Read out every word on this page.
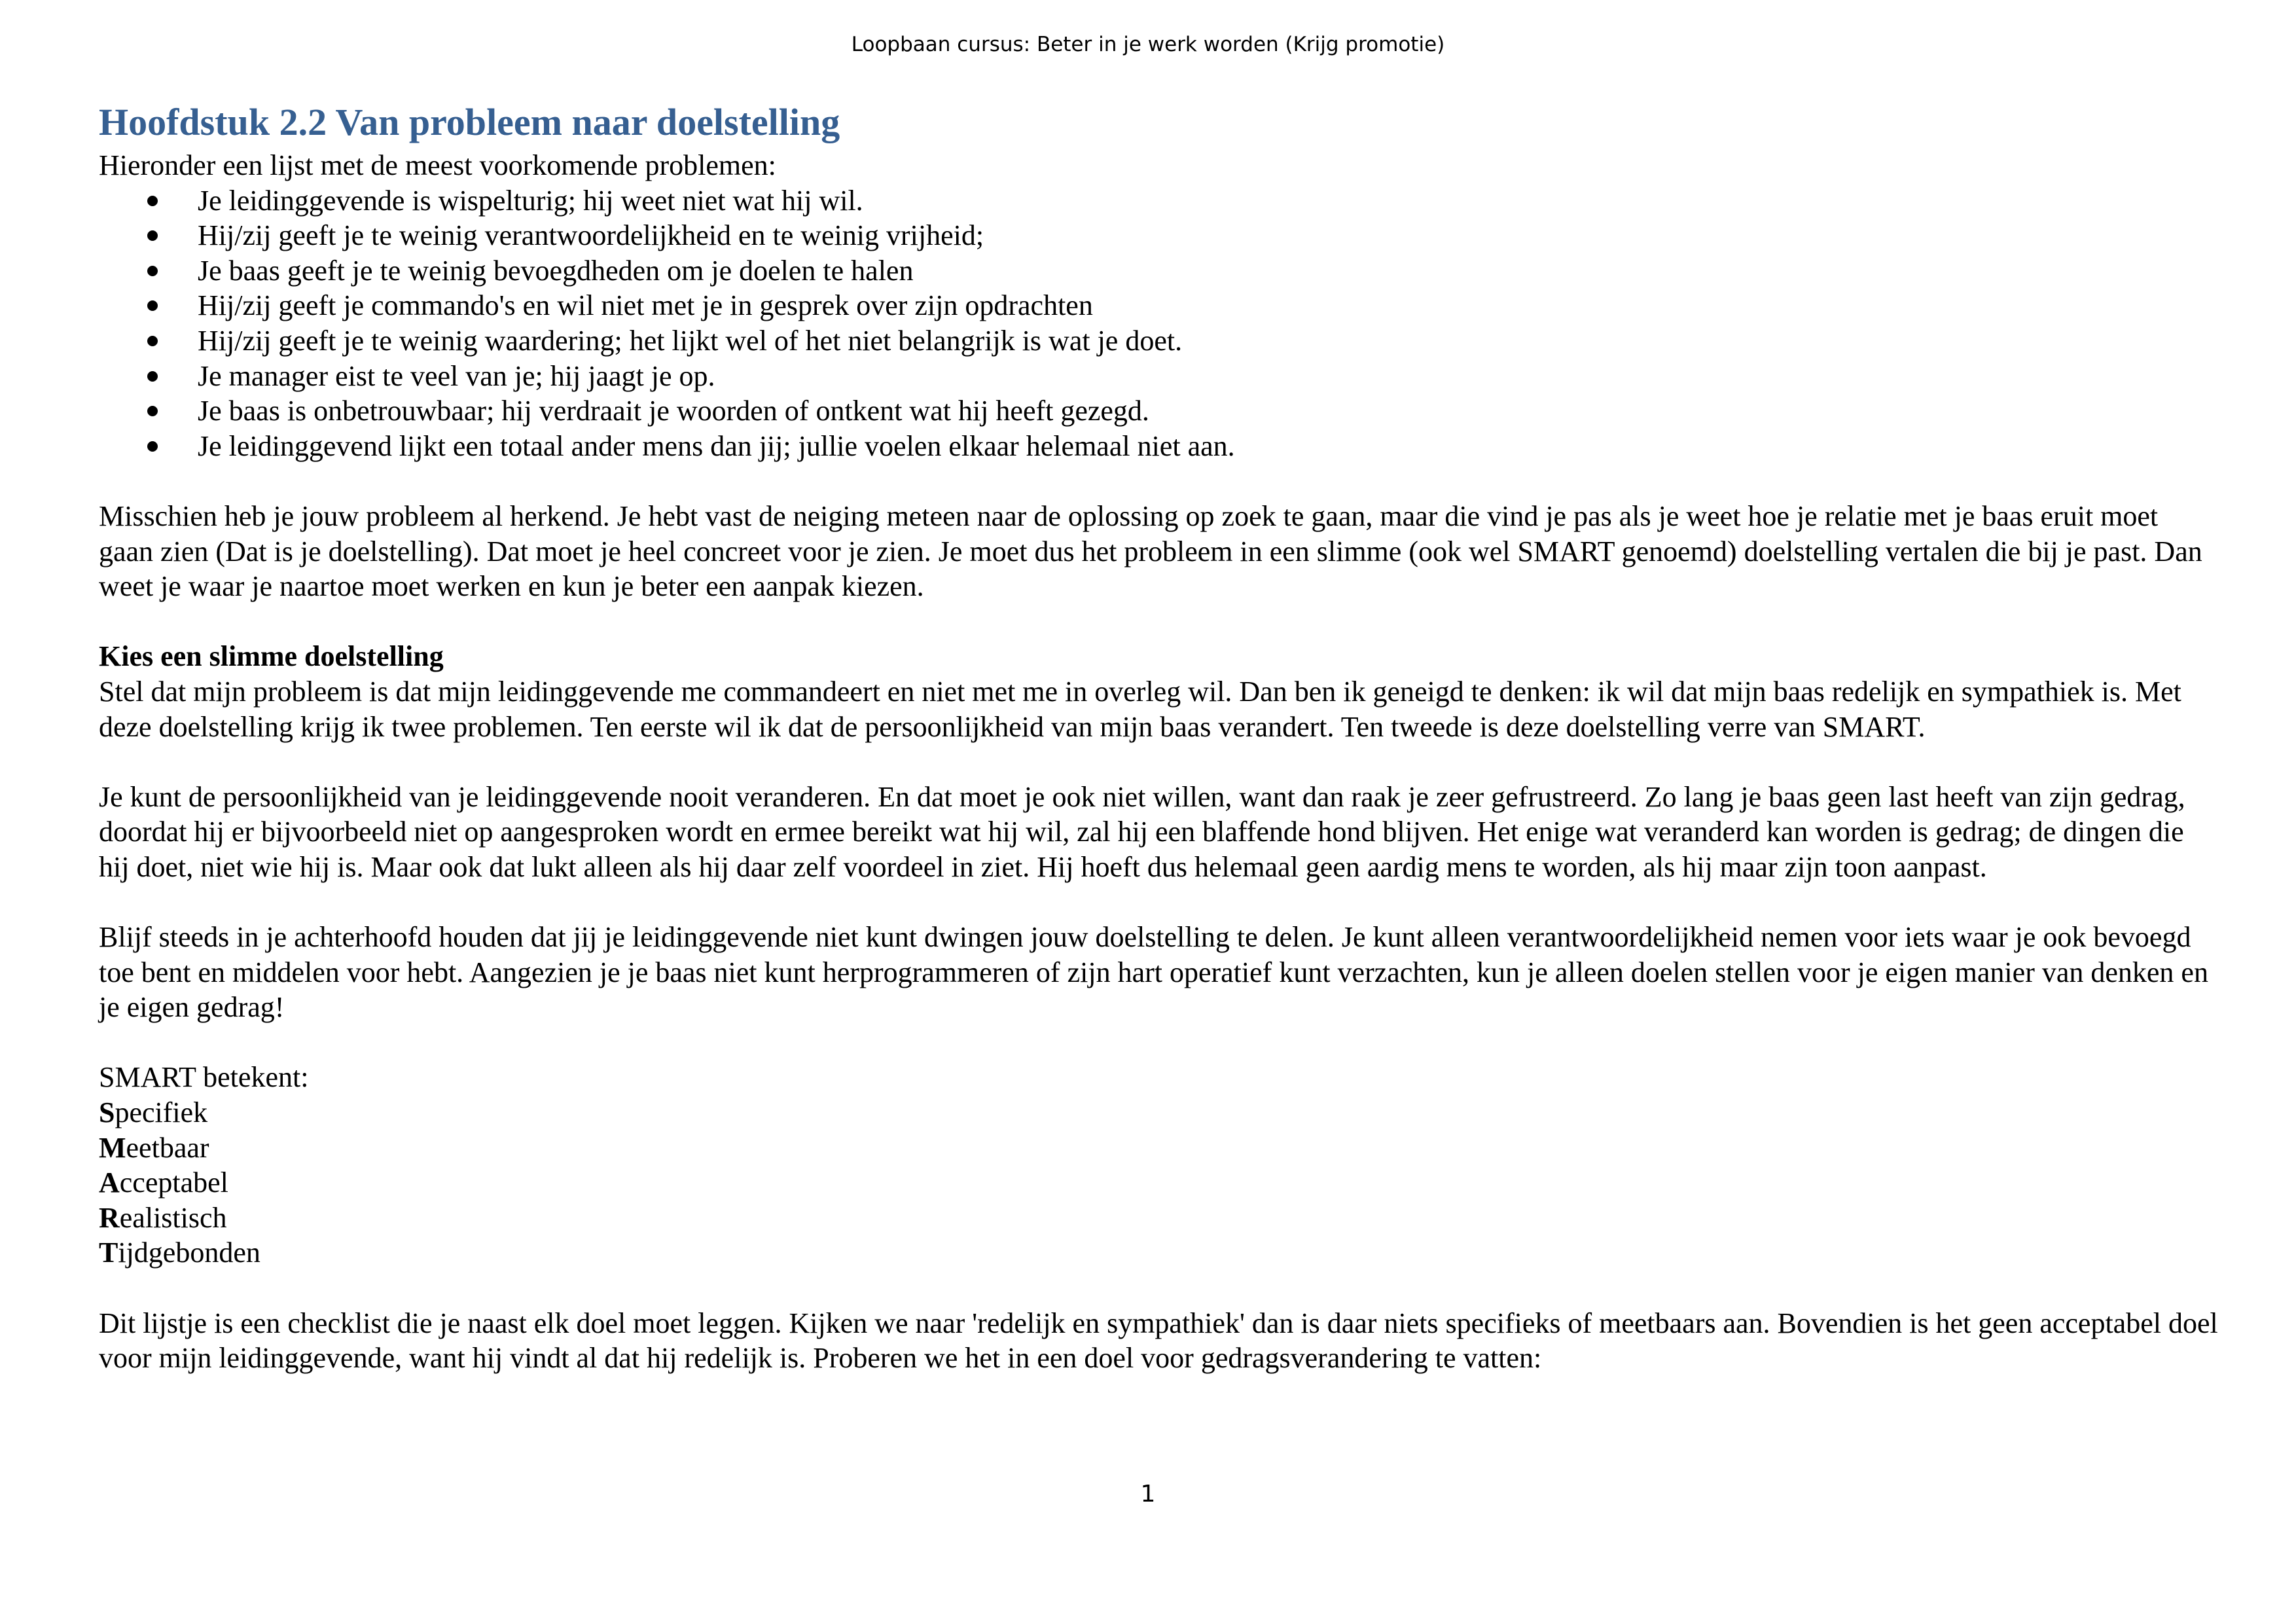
Loopbaan cursus: Beter in je werk worden (Krijg promotie)
Hoofdstuk 2.2 Van probleem naar doelstelling

Hieronder een lijst met de meest voorkomende problemen:

Je leidinggevende is wispelturig; hij weet niet wat hij wil.
Hij/zij geeft je te weinig verantwoordelijkheid en te weinig vrijheid;
Je baas geeft je te weinig bevoegdheden om je doelen te halen
Hij/zij geeft je commando's en wil niet met je in gesprek over zijn opdrachten
Hij/zij geeft je te weinig waardering; het lijkt wel of het niet belangrijk is wat je doet.
Je manager eist te veel van je; hij jaagt je op.
Je baas is onbetrouwbaar; hij verdraait je woorden of ontkent wat hij heeft gezegd.
Je leidinggevend lijkt een totaal ander mens dan jij; jullie voelen elkaar helemaal niet aan.

Misschien heb je jouw probleem al herkend. Je hebt vast de neiging meteen naar de oplossing op zoek te gaan, maar die vind je pas als je weet hoe je relatie met je baas eruit moet gaan zien (Dat is je doelstelling). Dat moet je heel concreet voor je zien. Je moet dus het probleem in een slimme (ook wel SMART genoemd) doelstelling vertalen die bij je past. Dan weet je waar je naartoe moet werken en kun je beter een aanpak kiezen.

Kies een slimme doelstelling

Stel dat mijn probleem is dat mijn leidinggevende me commandeert en niet met me in overleg wil. Dan ben ik geneigd te denken: ik wil dat mijn baas redelijk en sympathiek is. Met deze doelstelling krijg ik twee problemen. Ten eerste wil ik dat de persoonlijkheid van mijn baas verandert. Ten tweede is deze doelstelling verre van SMART.

Je kunt de persoonlijkheid van je leidinggevende nooit veranderen. En dat moet je ook niet willen, want dan raak je zeer gefrustreerd. Zo lang je baas geen last heeft van zijn gedrag, doordat hij er bijvoorbeeld niet op aangesproken wordt en ermee bereikt wat hij wil, zal hij een blaffende hond blijven. Het enige wat veranderd kan worden is gedrag; de dingen die hij doet, niet wie hij is. Maar ook dat lukt alleen als hij daar zelf voordeel in ziet. Hij hoeft dus helemaal geen aardig mens te worden, als hij maar zijn toon aanpast.

Blijf steeds in je achterhoofd houden dat jij je leidinggevende niet kunt dwingen jouw doelstelling te delen. Je kunt alleen verantwoordelijkheid nemen voor iets waar je ook bevoegd toe bent en middelen voor hebt. Aangezien je je baas niet kunt herprogrammeren of zijn hart operatief kunt verzachten, kun je alleen doelen stellen voor je eigen manier van denken en je eigen gedrag!

SMART betekent:

Specifiek
Meetbaar
Acceptabel
Realistisch
Tijdgebonden

Dit lijstje is een checklist die je naast elk doel moet leggen. Kijken we naar 'redelijk en sympathiek' dan is daar niets specifieks of meetbaars aan. Bovendien is het geen acceptabel doel voor mijn leidinggevende, want hij vindt al dat hij redelijk is. Proberen we het in een doel voor gedragsverandering te vatten:

1
